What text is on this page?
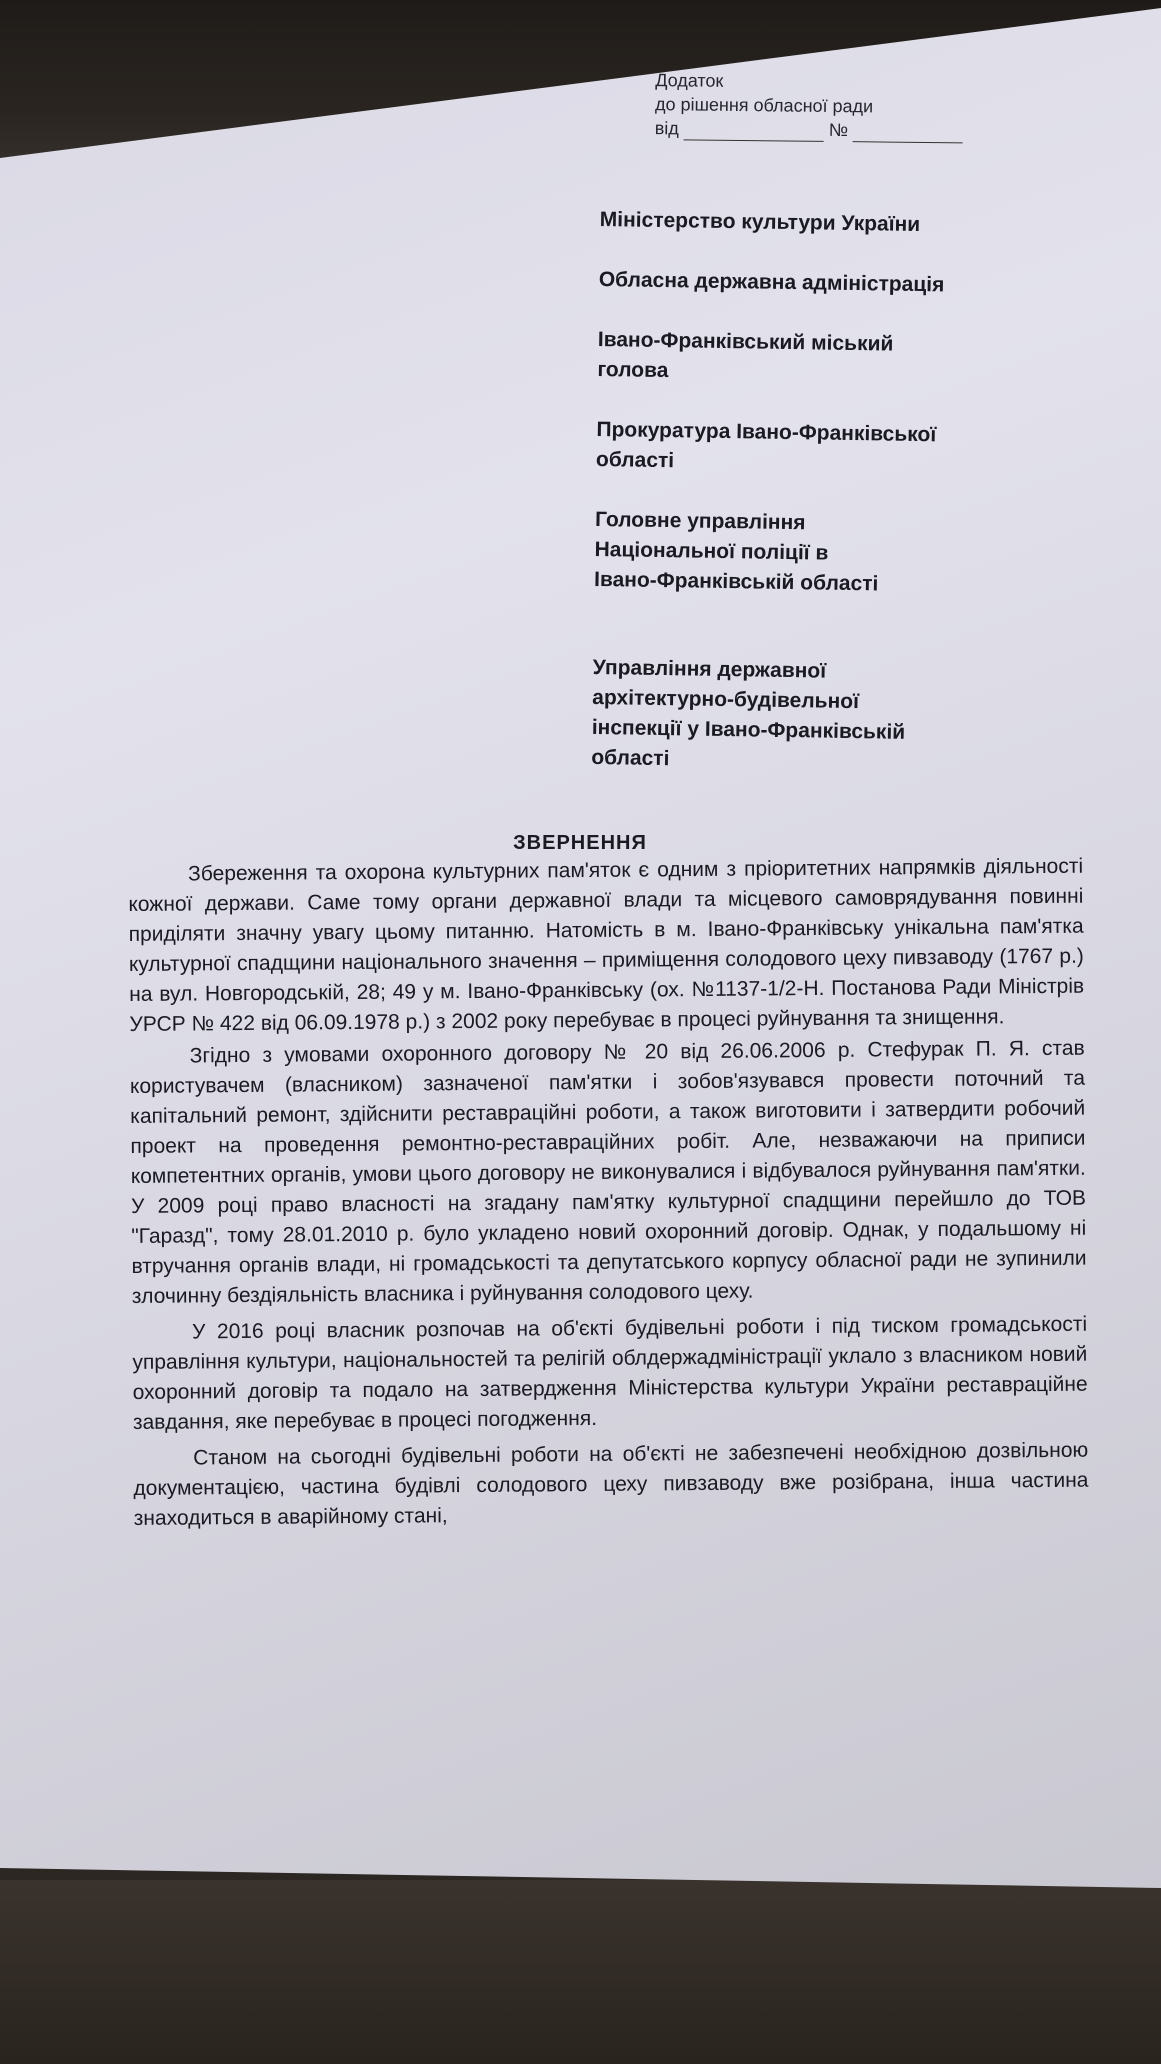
Додаток
до рішення обласної ради
від	№
Міністерство культури України
Обласна державна адміністрація
Івано-Франківський міський
голова
Прокуратура Івано-Франківської
області
Головне управління
Національної поліції в
Івано-Франківській області
Управління державної
архітектурно-будівельної
інспекції у Івано-Франківській
області
ЗВЕРНЕННЯ

Збереження та охорона культурних пам'яток є одним з пріоритетних напрямків діяльності кожної держави. Саме тому органи державної влади та місцевого самоврядування повинні приділяти значну увагу цьому питанню. Натомість в м. Івано-Франківську унікальна пам'ятка культурної спадщини національного значення – приміщення солодового цеху пивзаводу (1767 р.) на вул. Новгородській, 28; 49 у м. Івано-Франківську (ох. №1137-1/2-Н. Постанова Ради Міністрів УРСР № 422 від 06.09.1978 р.) з 2002 року перебуває в процесі руйнування та знищення.

Згідно з умовами охоронного договору № 20 від 26.06.2006 р. Стефурак П. Я. став користувачем (власником) зазначеної пам'ятки і зобов'язувався провести поточний та капітальний ремонт, здійснити реставраційні роботи, а також виготовити і затвердити робочий проект на проведення ремонтно-реставраційних робіт. Але, незважаючи на приписи компетентних органів, умови цього договору не виконувалися і відбувалося руйнування пам'ятки. У 2009 році право власності на згадану пам'ятку культурної спадщини перейшло до ТОВ "Гаразд", тому 28.01.2010 р. було укладено новий охоронний договір. Однак, у подальшому ні втручання органів влади, ні громадськості та депутатського корпусу обласної ради не зупинили злочинну бездіяльність власника і руйнування солодового цеху.

У 2016 році власник розпочав на об'єкті будівельні роботи і під тиском громадськості управління культури, національностей та релігій облдержадміністрації уклало з власником новий охоронний договір та подало на затвердження Міністерства культури України реставраційне завдання, яке перебуває в процесі погодження.

Станом на сьогодні будівельні роботи на об'єкті не забезпечені необхідною дозвільною документацією, частина будівлі солодового цеху пивзаводу вже розібрана, інша частина знаходиться в аварійному стані,
